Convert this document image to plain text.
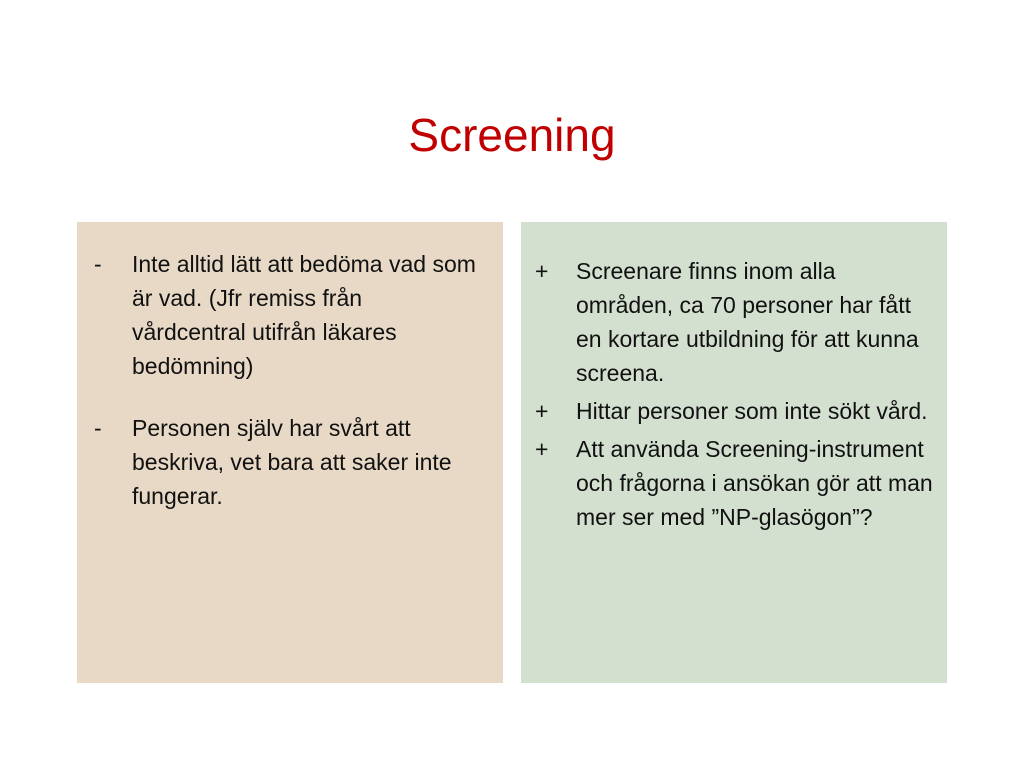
Screening
- Inte alltid lätt att bedöma vad som är vad. (Jfr remiss från vårdcentral utifrån läkares bedömning)
- Personen själv har svårt att beskriva, vet bara att saker inte fungerar.
+ Screenare finns inom alla områden, ca 70 personer har fått en kortare utbildning för att kunna screena.
+ Hittar personer som inte sökt vård.
+ Att använda Screening-instrument och frågorna i ansökan gör att man mer ser med ”NP-glasögon”?
